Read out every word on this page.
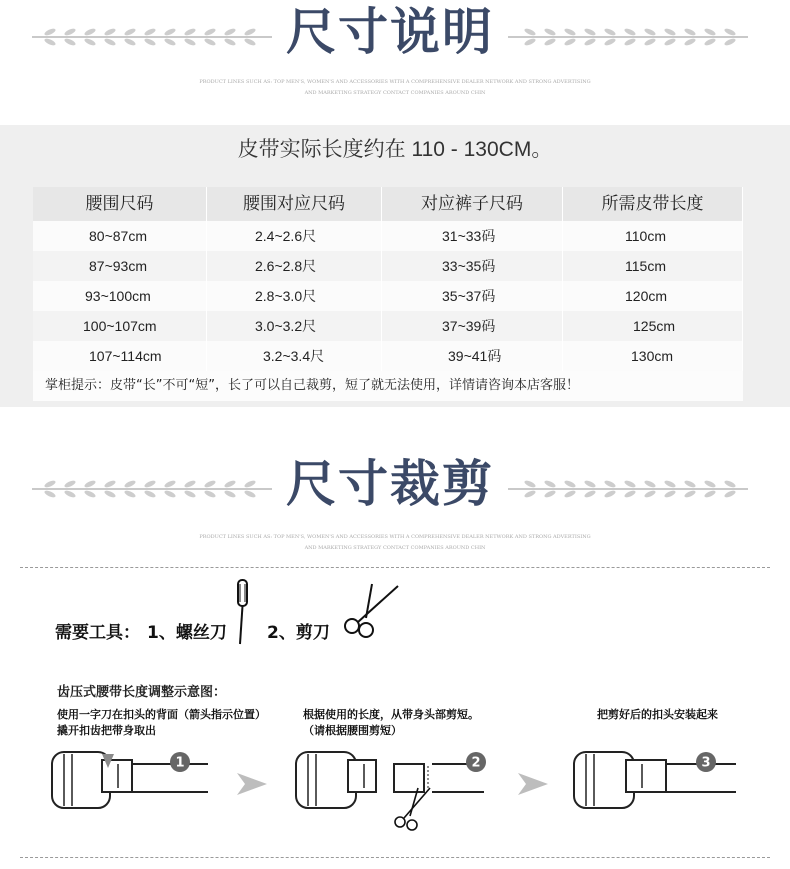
尺寸说明
PRODUCT LINES SUCH AS: TOP MEN'S, WOMEN'S AND ACCESSORIES WITH A COMPREHENSIVE DEALER NETWORK AND STRONG ADVERTISING
AND MARKETING STRATEGY CONTACT COMPANIES AROUND CHIN
皮带实际长度约在 110 - 130CM。
腰围尺码	腰围对应尺码	对应裤子尺码	所需皮带长度
80~87cm	2.4~2.6尺	31~33码	110cm
87~93cm	2.6~2.8尺	33~35码	115cm
93~100cm	2.8~3.0尺	35~37码	120cm
100~107cm	3.0~3.2尺	37~39码	125cm
107~114cm	3.2~3.4尺	39~41码	130cm
掌柜提示：皮带“长”不可“短”，长了可以自己裁剪，短了就无法使用，详情请咨询本店客服！
尺寸裁剪
PRODUCT LINES SUCH AS: TOP MEN'S, WOMEN'S AND ACCESSORIES WITH A COMPREHENSIVE DEALER NETWORK AND STRONG ADVERTISING
AND MARKETING STRATEGY CONTACT COMPANIES AROUND CHIN
需要工具： 1、螺丝刀 2、剪刀
齿压式腰带长度调整示意图：
使用一字刀在扣头的背面（箭头指示位置）
撬开扣齿把带身取出
根据使用的长度，从带身头部剪短。
（请根据腰围剪短）
把剪好后的扣头安装起来
1	2	3
